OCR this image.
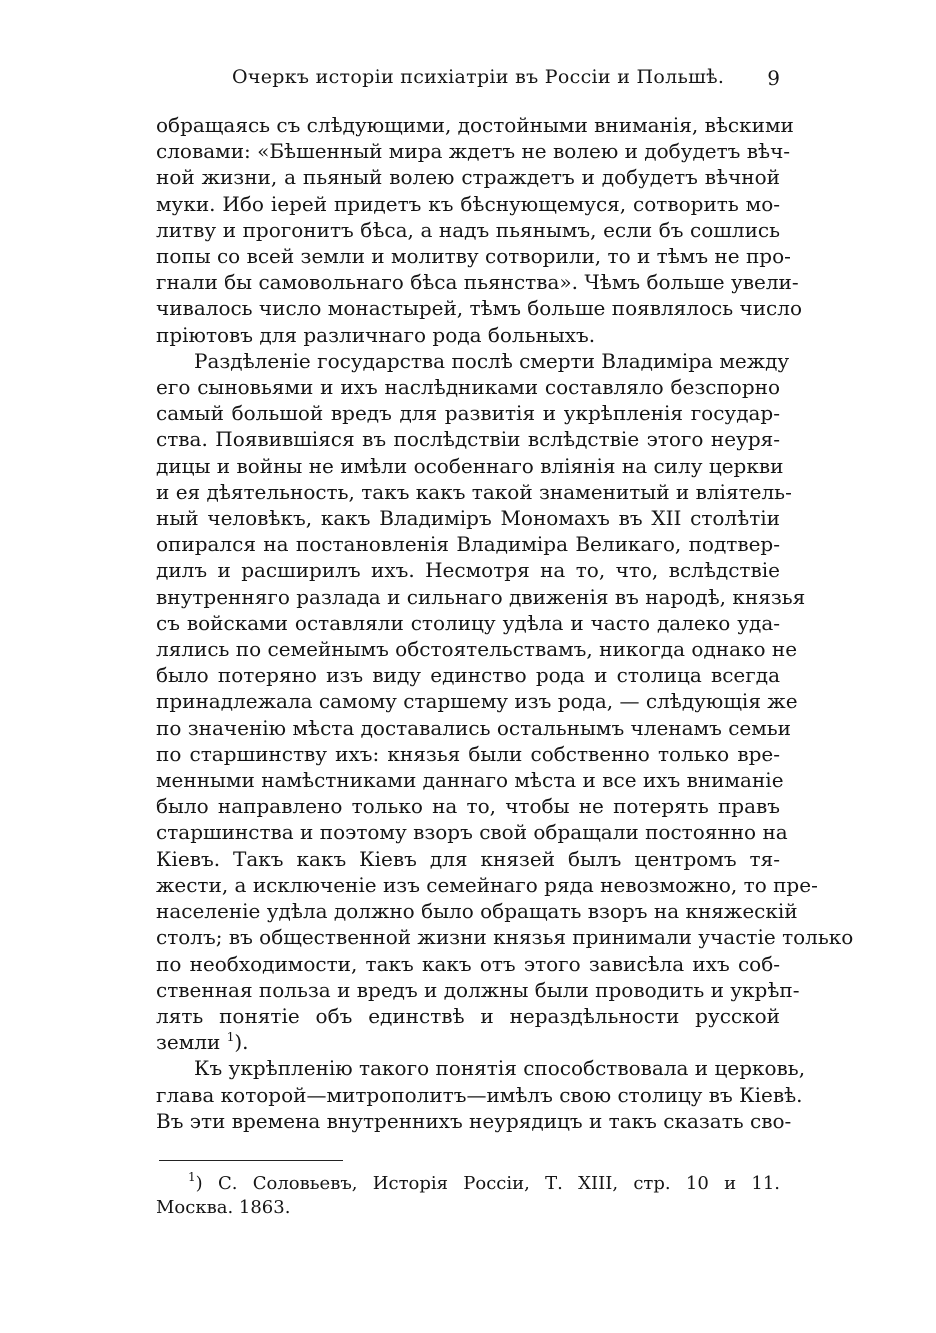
Очеркъ исторіи психіатріи въ Россіи и Польшѣ. 9

обращаясь съ слѣдующими, достойными вниманія, вѣскими
словами: «Бѣшенный мира ждетъ не волею и добудетъ вѣч-
ной жизни, а пьяный волею страждетъ и добудетъ вѣчной
муки. Ибо іерей придетъ къ бѣснующемуся, сотворить мо-
литву и прогонитъ бѣса, а надъ пьянымъ, если бъ сошлись
попы со всей земли и молитву сотворили, то и тѣмъ не про-
гнали бы самовольнаго бѣса пьянства». Чѣмъ больше увели-
чивалось число монастырей, тѣмъ больше появлялось число
пріютовъ для различнаго рода больныхъ.

Раздѣленіе государства послѣ смерти Владиміра между
его сыновьями и ихъ наслѣдниками составляло безспорно
самый большой вредъ для развитія и укрѣпленія государ-
ства. Появившіяся въ послѣдствіи вслѣдствіе этого неуря-
дицы и войны не имѣли особеннаго вліянія на силу церкви
и ея дѣятельность, такъ какъ такой знаменитый и вліятель-
ный человѣкъ, какъ Владиміръ Мономахъ въ XII столѣтіи
опирался на постановленія Владиміра Великаго, подтвер-
дилъ и расширилъ ихъ. Несмотря на то, что, вслѣдствіе
внутренняго разлада и сильнаго движенія въ народѣ, князья
съ войсками оставляли столицу удѣла и часто далеко уда-
лялись по семейнымъ обстоятельствамъ, никогда однако не
было потеряно изъ виду единство рода и столица всегда
принадлежала самому старшему изъ рода, — слѣдующія же
по значенію мѣста доставались остальнымъ членамъ семьи
по старшинству ихъ: князья были собственно только вре-
менными намѣстниками даннаго мѣста и все ихъ вниманіе
было направлено только на то, чтобы не потерять правъ
старшинства и поэтому взоръ свой обращали постоянно на
Кіевъ. Такъ какъ Кіевъ для князей былъ центромъ тя-
жести, а исключеніе изъ семейнаго ряда невозможно, то пре-
населеніе удѣла должно было обращать взоръ на княжескій
столъ; въ общественной жизни князья принимали участіе только
по необходимости, такъ какъ отъ этого зависѣла ихъ соб-
ственная польза и вредъ и должны были проводить и укрѣп-
лять понятіе объ единствѣ и нераздѣльности русской
земли $^1$).

Къ укрѣпленію такого понятія способствовала и церковь,
глава которой—митрополитъ—имѣлъ свою столицу въ Кіевѣ.
Въ эти времена внутреннихъ неурядицъ и такъ сказать сво-

$^1$) С. Соловьевъ, Исторія Россіи, Т. XIII, стр. 10 и 11.
Москва. 1863.
